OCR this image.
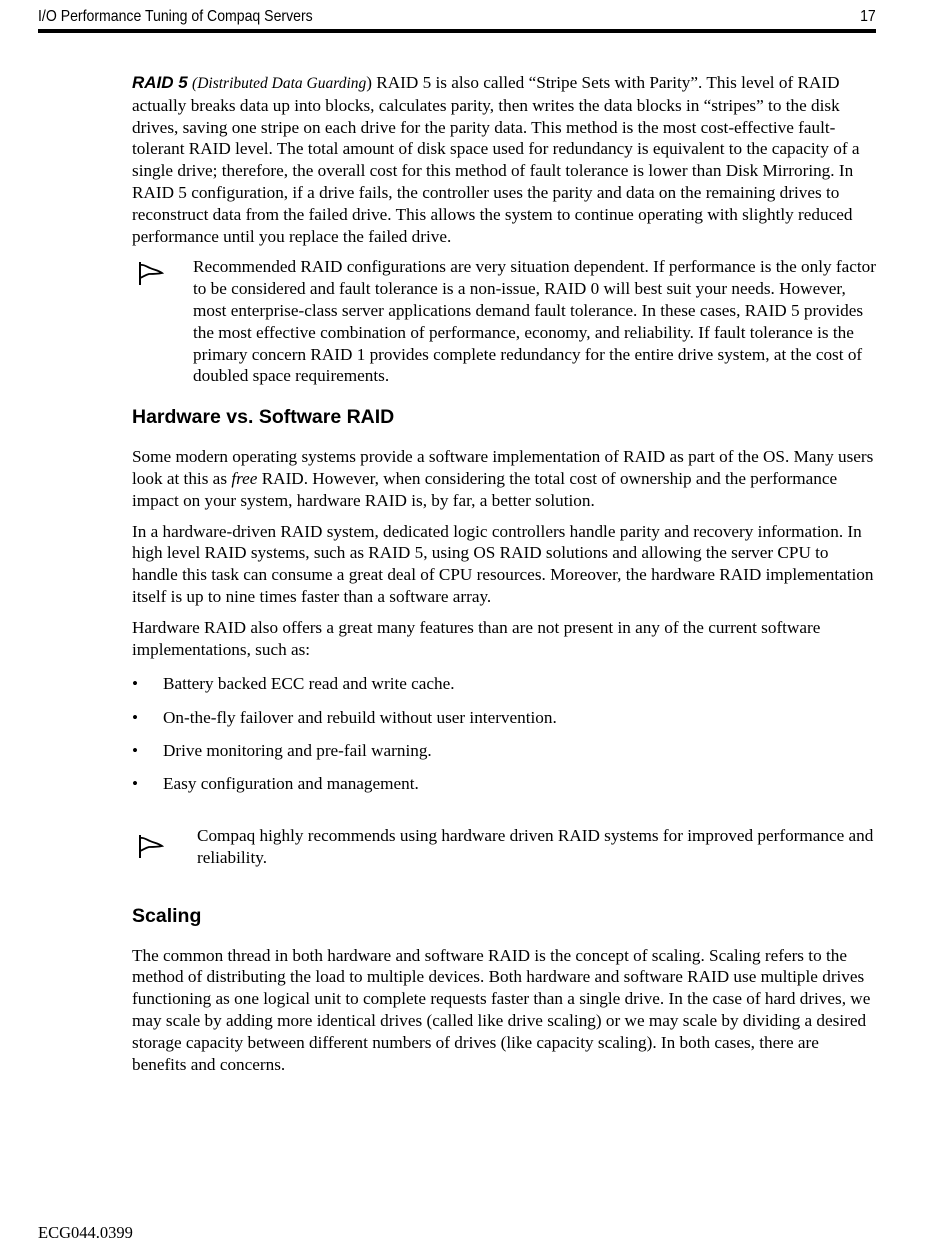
I/O Performance Tuning of Compaq Servers	17

RAID 5 (Distributed Data Guarding) RAID 5 is also called “Stripe Sets with Parity”. This level of RAID actually breaks data up into blocks, calculates parity, then writes the data blocks in “stripes” to the disk drives, saving one stripe on each drive for the parity data. This method is the most cost-effective fault-tolerant RAID level. The total amount of disk space used for redundancy is equivalent to the capacity of a single drive; therefore, the overall cost for this method of fault tolerance is lower than Disk Mirroring. In RAID 5 configuration, if a drive fails, the controller uses the parity and data on the remaining drives to reconstruct data from the failed drive. This allows the system to continue operating with slightly reduced performance until you replace the failed drive.

Recommended RAID configurations are very situation dependent. If performance is the only factor to be considered and fault tolerance is a non-issue, RAID 0 will best suit your needs. However, most enterprise-class server applications demand fault tolerance. In these cases, RAID 5 provides the most effective combination of performance, economy, and reliability. If fault tolerance is the primary concern RAID 1 provides complete redundancy for the entire drive system, at the cost of doubled space requirements.

Hardware vs. Software RAID

Some modern operating systems provide a software implementation of RAID as part of the OS. Many users look at this as free RAID. However, when considering the total cost of ownership and the performance impact on your system, hardware RAID is, by far, a better solution.

In a hardware-driven RAID system, dedicated logic controllers handle parity and recovery information. In high level RAID systems, such as RAID 5, using OS RAID solutions and allowing the server CPU to handle this task can consume a great deal of CPU resources. Moreover, the hardware RAID implementation itself is up to nine times faster than a software array.

Hardware RAID also offers a great many features than are not present in any of the current software implementations, such as:

• Battery backed ECC read and write cache.
• On-the-fly failover and rebuild without user intervention.
• Drive monitoring and pre-fail warning.
• Easy configuration and management.

Compaq highly recommends using hardware driven RAID systems for improved performance and reliability.

Scaling

The common thread in both hardware and software RAID is the concept of scaling. Scaling refers to the method of distributing the load to multiple devices. Both hardware and software RAID use multiple drives functioning as one logical unit to complete requests faster than a single drive. In the case of hard drives, we may scale by adding more identical drives (called like drive scaling) or we may scale by dividing a desired storage capacity between different numbers of drives (like capacity scaling). In both cases, there are benefits and concerns.

ECG044.0399
